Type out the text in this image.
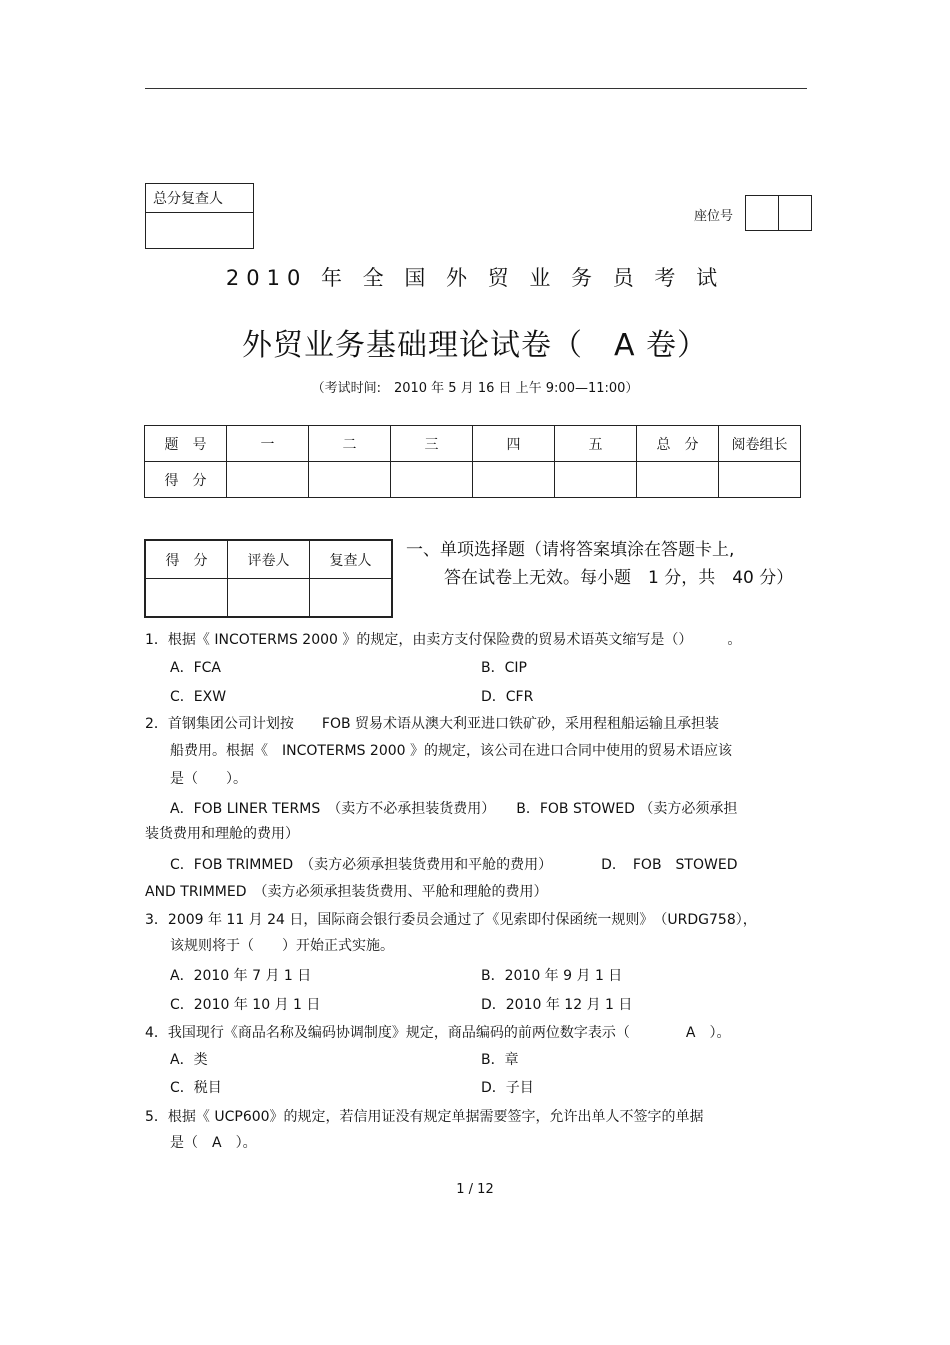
总分复查人

座位号

2010 年 全 国 外 贸 业 务 员 考 试
外贸业务基础理论试卷（　A 卷）
（考试时间:　2010 年 5 月 16 日 上午 9:00—11:00）
题　号	一	二	三	四	五	总　分	阅卷组长
得　分							
得　分	评卷人	复查人

一、单项选择题（请将答案填涂在答题卡上,
答在试卷上无效。每小题　1 分，共　40 分）
1．根据《 INCOTERMS 2000 》的规定，由卖方支付保险费的贸易术语英文缩写是（）　　　。
A．FCA	B．CIP
C．EXW	D．CFR
2．首钢集团公司计划按　　FOB 贸易术语从澳大利亚进口铁矿砂，采用程租船运输且承担装
船费用。根据《　INCOTERMS 2000 》的规定，该公司在进口合同中使用的贸易术语应该
是（　　）。
A．FOB LINER TERMS　（卖方不必承担装货费用）　　B．FOB STOWED （卖方必须承担
装货费用和理舱的费用）
C．FOB TRIMMED　（卖方必须承担装货费用和平舱的费用）　　　　D．　FOB　STOWED
AND TRIMMED　（卖方必须承担装货费用、平舱和理舱的费用）
3．2009 年 11 月 24 日，国际商会银行委员会通过了《见索即付保函统一规则》　（URDG758），
该规则将于（　　）开始正式实施。
A．2010 年 7 月 1 日	B．2010 年 9 月 1 日
C．2010 年 10 月 1 日	D．2010 年 12 月 1 日
4．我国现行《商品名称及编码协调制度》规定，商品编码的前两位数字表示（　　　　A　）。
A．类	B．章
C．税目	D．子目
5．根据《 UCP600》的规定，若信用证没有规定单据需要签字，允许出单人不签字的单据
是（　A　）。
1 / 12
